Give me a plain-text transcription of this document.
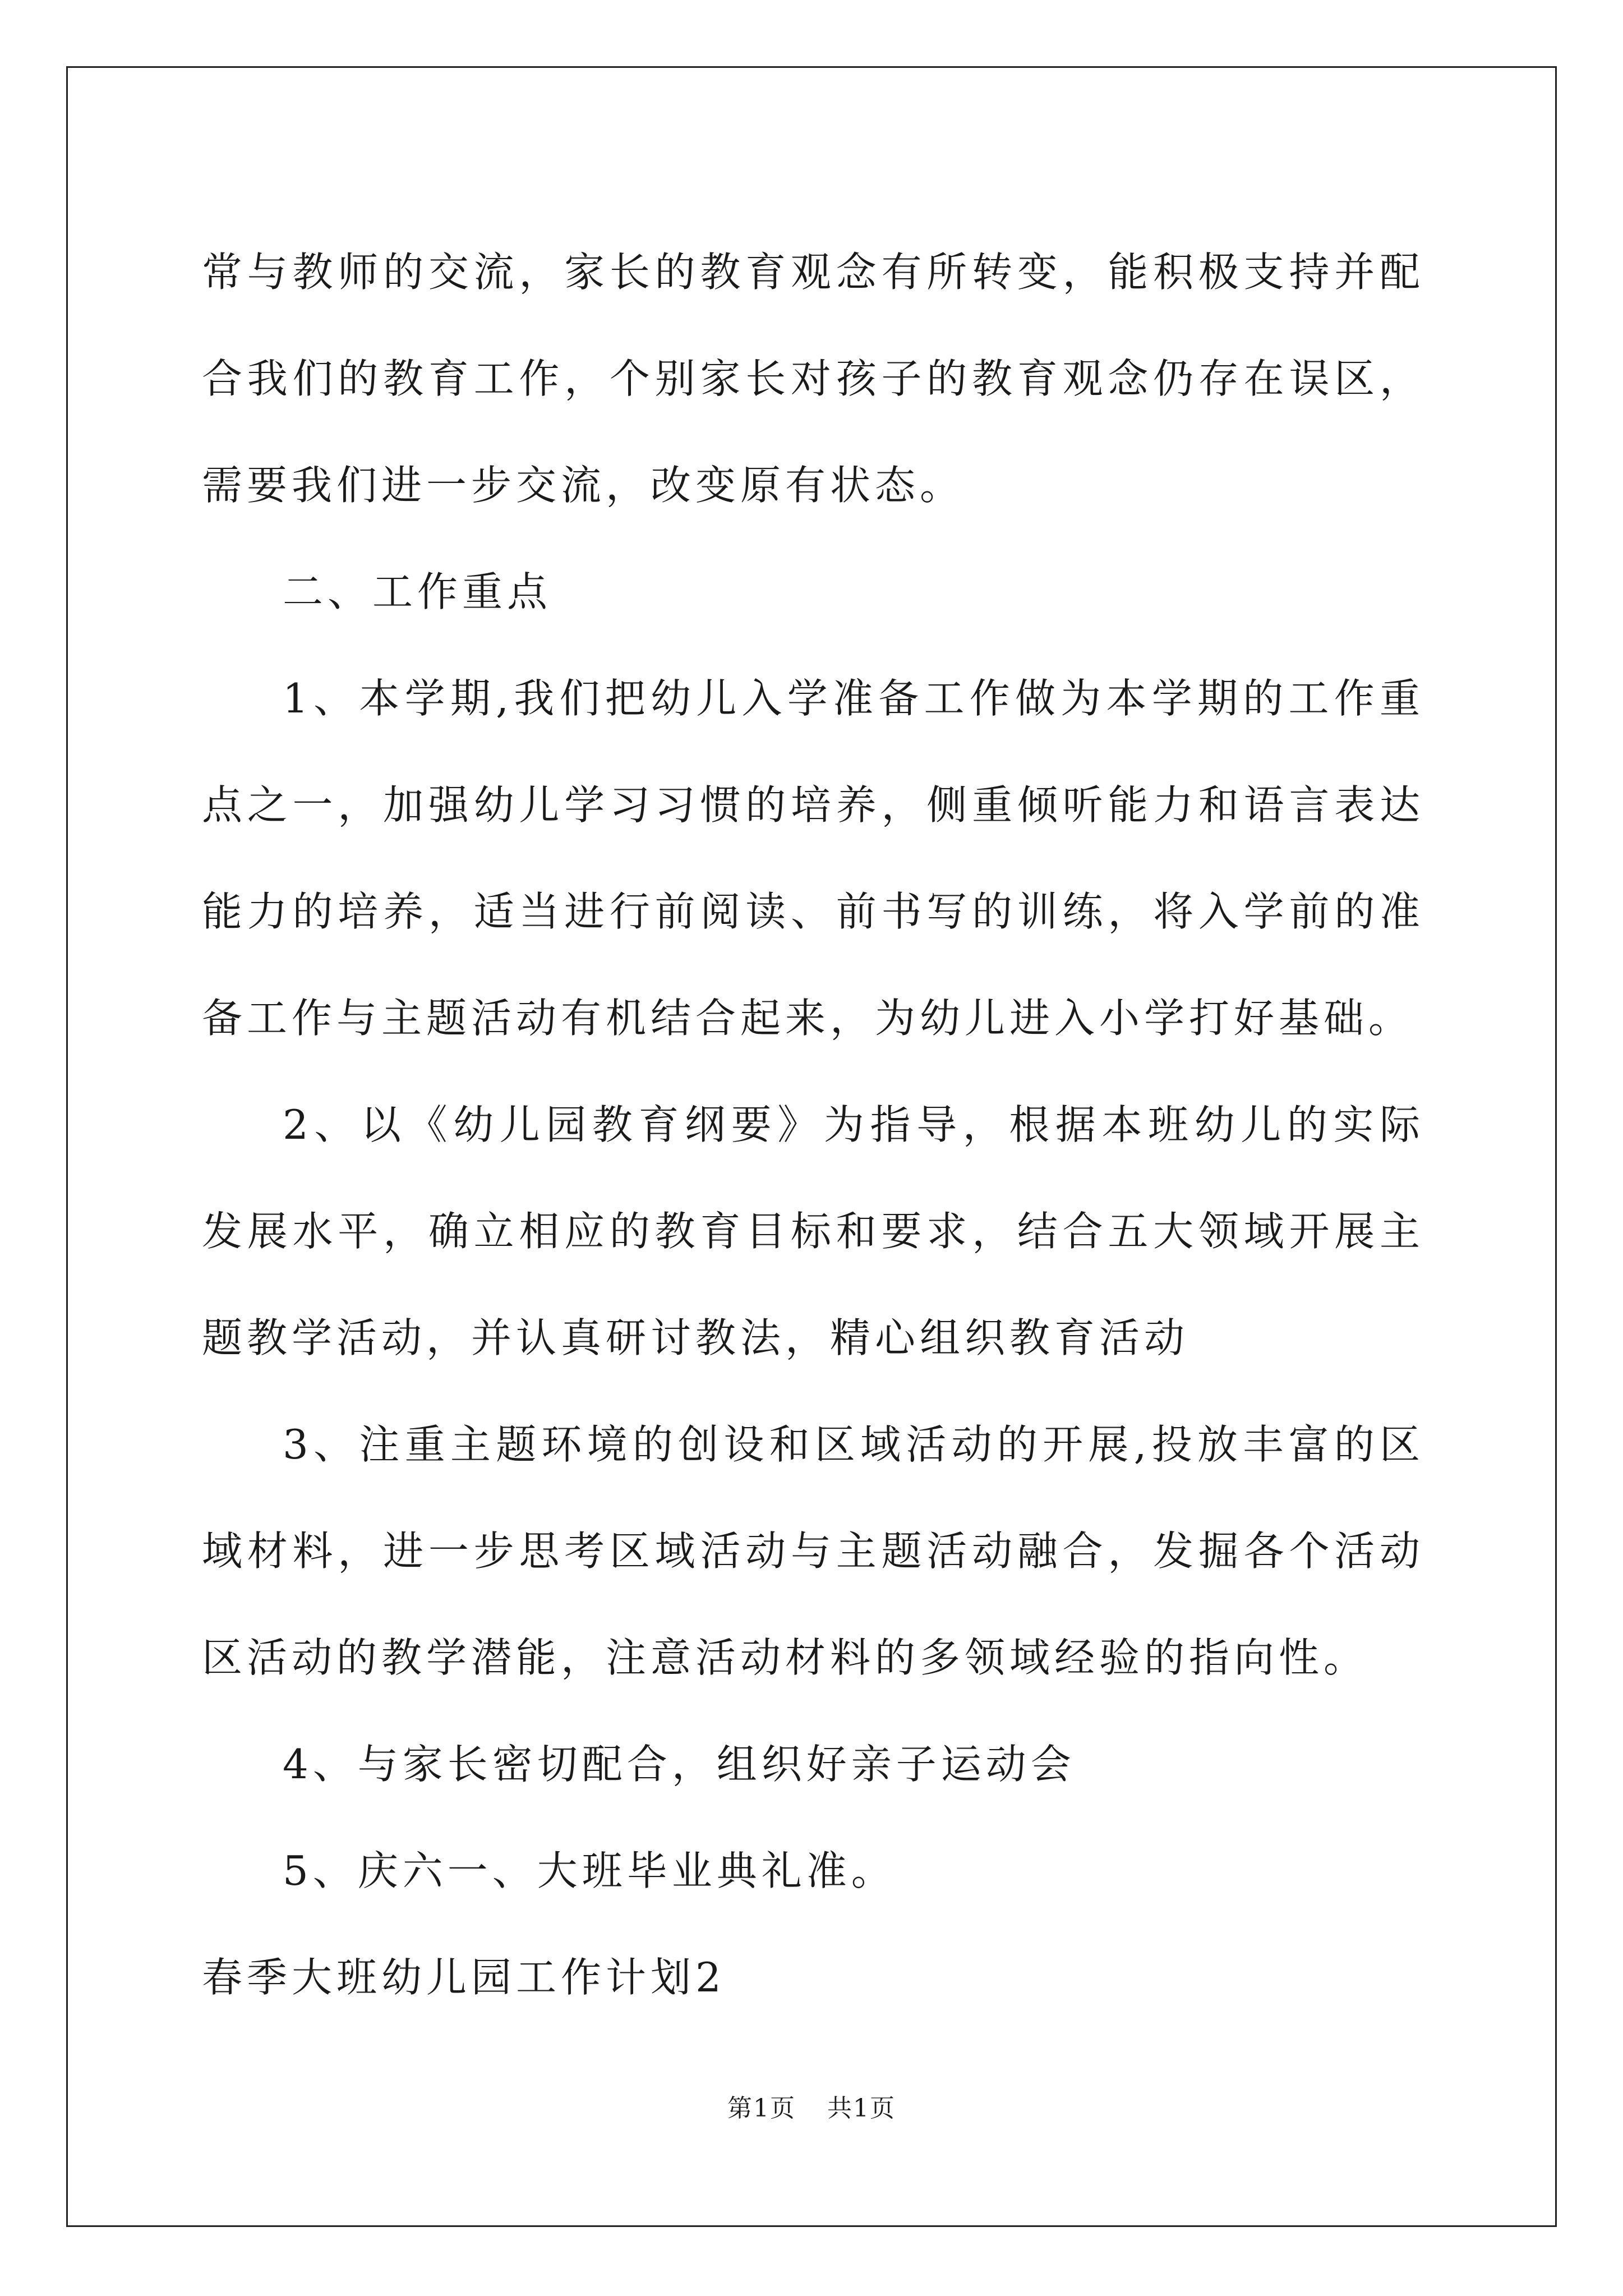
常与教师的交流，家长的教育观念有所转变，能积极支持并配合我们的教育工作，个别家长对孩子的教育观念仍存在误区，需要我们进一步交流，改变原有状态。

二、工作重点

1、本学期,我们把幼儿入学准备工作做为本学期的工作重点之一，加强幼儿学习习惯的培养，侧重倾听能力和语言表达能力的培养，适当进行前阅读、前书写的训练，将入学前的准备工作与主题活动有机结合起来，为幼儿进入小学打好基础。

2、以《幼儿园教育纲要》为指导，根据本班幼儿的实际发展水平，确立相应的教育目标和要求，结合五大领域开展主题教学活动，并认真研讨教法，精心组织教育活动

3、注重主题环境的创设和区域活动的开展,投放丰富的区域材料，进一步思考区域活动与主题活动融合，发掘各个活动区活动的教学潜能，注意活动材料的多领域经验的指向性。

4、与家长密切配合，组织好亲子运动会

5、庆六一、大班毕业典礼准。

春季大班幼儿园工作计划2

第1页 共1页
